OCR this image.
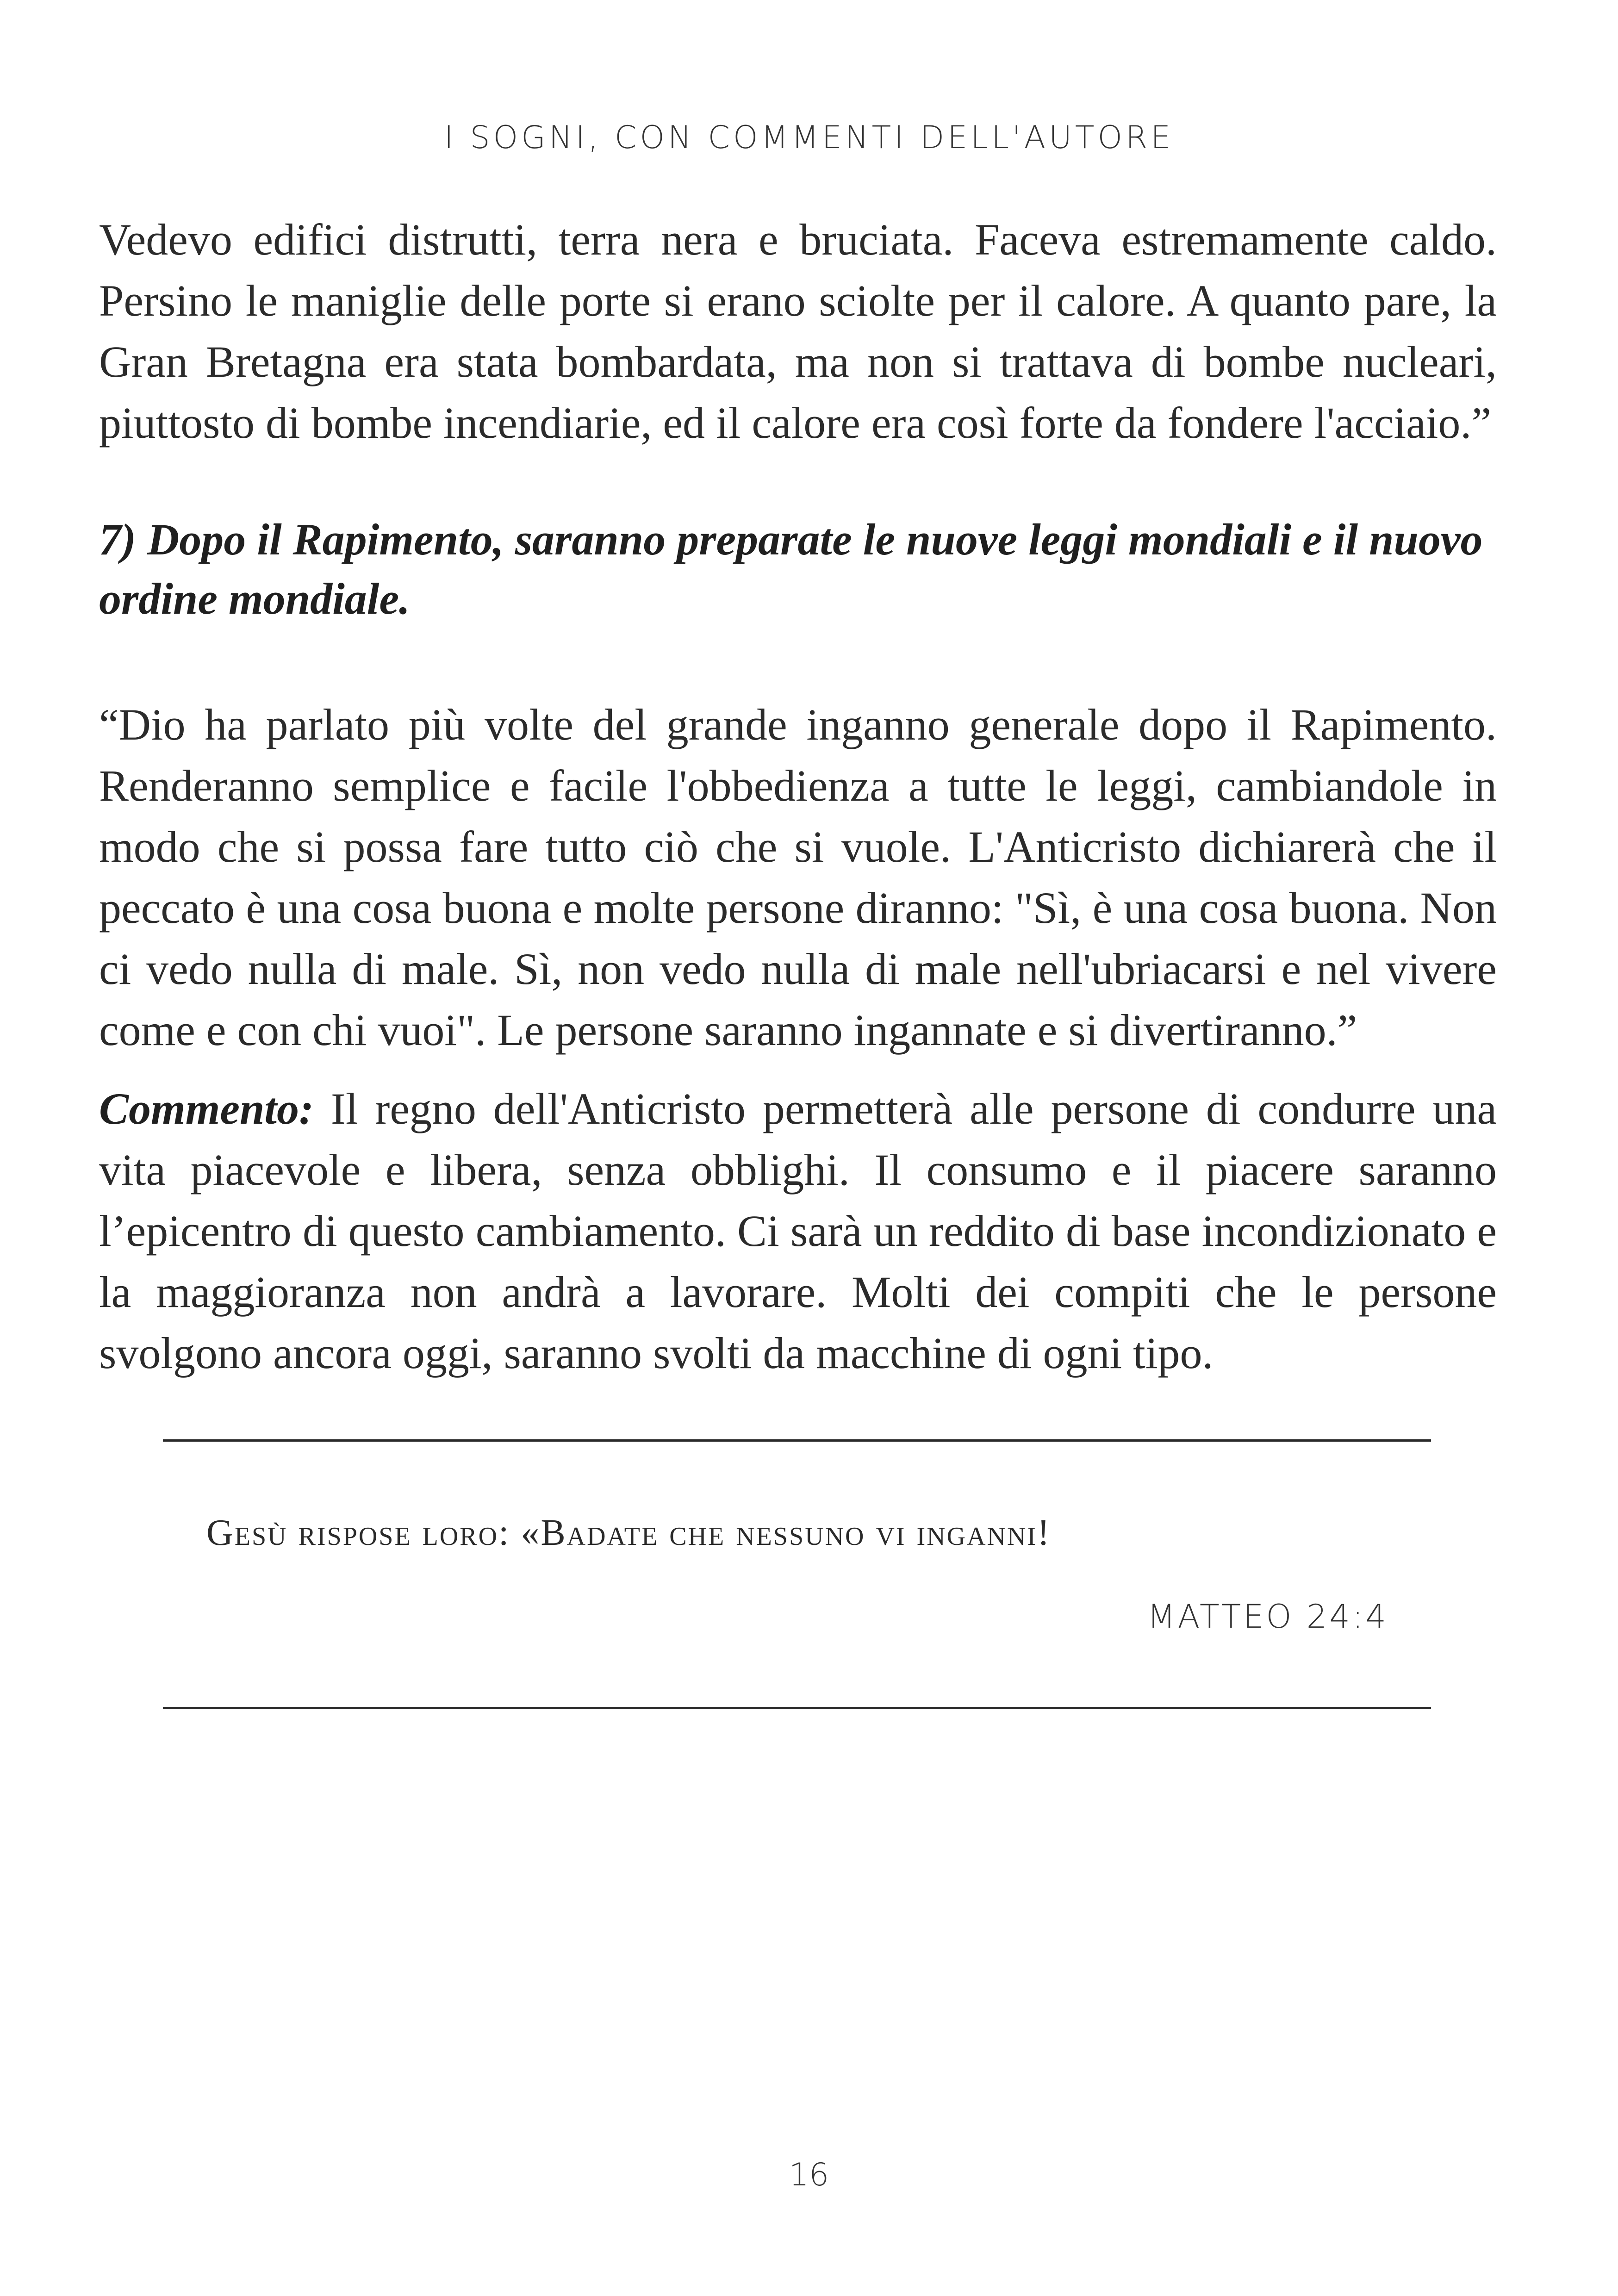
I SOGNI, CON COMMENTI DELL'AUTORE

Vedevo edifici distrutti, terra nera e bruciata. Faceva estremamente caldo. Persino le maniglie delle porte si erano sciolte per il calore. A quanto pare, la Gran Bretagna era stata bombardata, ma non si trattava di bombe nucleari, piuttosto di bombe incendiarie, ed il calore era così forte da fondere l'acciaio.”

7) Dopo il Rapimento, saranno preparate le nuove leggi mondiali e il nuovo ordine mondiale.

“Dio ha parlato più volte del grande inganno generale dopo il Rapimento. Renderanno semplice e facile l'obbedienza a tutte le leggi, cambiandole in modo che si possa fare tutto ciò che si vuole. L'Anticristo dichiarerà che il peccato è una cosa buona e molte persone diranno: "Sì, è una cosa buona. Non ci vedo nulla di male. Sì, non vedo nulla di male nell'ubriacarsi e nel vivere come e con chi vuoi". Le persone saranno ingannate e si divertiranno.”

Commento: Il regno dell'Anticristo permetterà alle persone di condurre una vita piacevole e libera, senza obblighi. Il consumo e il piacere saranno l’epicentro di questo cambiamento. Ci sarà un reddito di base incondizionato e la maggioranza non andrà a lavorare. Molti dei compiti che le persone svolgono ancora oggi, saranno svolti da macchine di ogni tipo.

Gesù rispose loro: «Badate che nessuno vi inganni!

MATTEO 24:4

16
